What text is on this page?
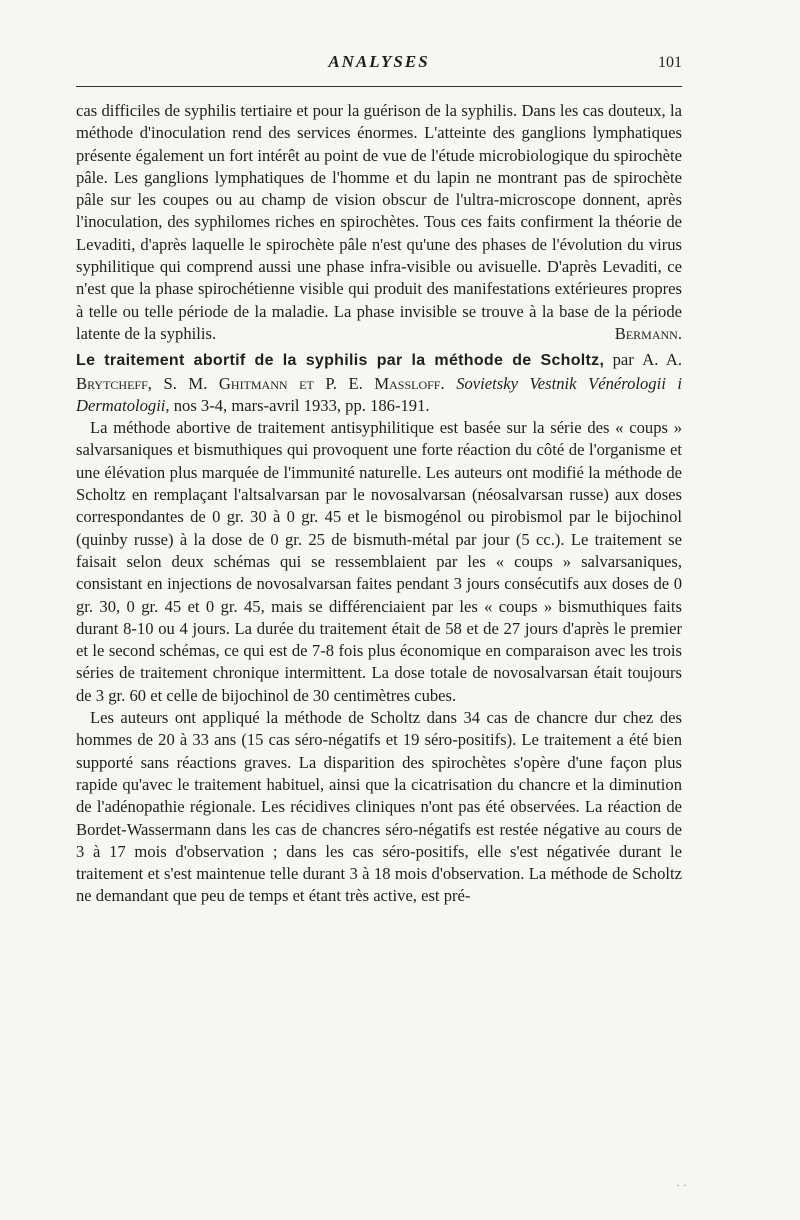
ANALYSES	101

cas difficiles de syphilis tertiaire et pour la guérison de la syphilis. Dans les cas douteux, la méthode d'inoculation rend des services énormes. L'atteinte des ganglions lymphatiques présente également un fort intérêt au point de vue de l'étude microbiologique du spirochète pâle. Les ganglions lymphatiques de l'homme et du lapin ne montrant pas de spirochète pâle sur les coupes ou au champ de vision obscur de l'ultra-microscope donnent, après l'inoculation, des syphilomes riches en spirochètes. Tous ces faits confirment la théorie de Levaditi, d'après laquelle le spirochète pâle n'est qu'une des phases de l'évolution du virus syphilitique qui comprend aussi une phase infra-visible ou avisuelle. D'après Levaditi, ce n'est que la phase spirochétienne visible qui produit des manifestations extérieures propres à telle ou telle période de la maladie. La phase invisible se trouve à la base de la période latente de la syphilis.	Bermann.

Le traitement abortif de la syphilis par la méthode de Scholtz, par A. A. Brytcheff, S. M. Ghitmann et P. E. Massloff. Sovietsky Vestnik Vénérologii i Dermatologii, nos 3-4, mars-avril 1933, pp. 186-191.

La méthode abortive de traitement antisyphilitique est basée sur la série des « coups » salvarsaniques et bismuthiques qui provoquent une forte réaction du côté de l'organisme et une élévation plus marquée de l'immunité naturelle. Les auteurs ont modifié la méthode de Scholtz en remplaçant l'altsalvarsan par le novosalvarsan (néosalvarsan russe) aux doses correspondantes de 0 gr. 30 à 0 gr. 45 et le bismogénol ou pirobismol par le bijochinol (quinby russe) à la dose de 0 gr. 25 de bismuth-métal par jour (5 cc.). Le traitement se faisait selon deux schémas qui se ressemblaient par les « coups » salvarsaniques, consistant en injections de novosalvarsan faites pendant 3 jours consécutifs aux doses de 0 gr. 30, 0 gr. 45 et 0 gr. 45, mais se différenciaient par les « coups » bismuthiques faits durant 8-10 ou 4 jours. La durée du traitement était de 58 et de 27 jours d'après le premier et le second schémas, ce qui est de 7-8 fois plus économique en comparaison avec les trois séries de traitement chronique intermittent. La dose totale de novosalvarsan était toujours de 3 gr. 60 et celle de bijochinol de 30 centimètres cubes.

Les auteurs ont appliqué la méthode de Scholtz dans 34 cas de chancre dur chez des hommes de 20 à 33 ans (15 cas séro-négatifs et 19 séro-positifs). Le traitement a été bien supporté sans réactions graves. La disparition des spirochètes s'opère d'une façon plus rapide qu'avec le traitement habituel, ainsi que la cicatrisation du chancre et la diminution de l'adénopathie régionale. Les récidives cliniques n'ont pas été observées. La réaction de Bordet-Wassermann dans les cas de chancres séro-négatifs est restée négative au cours de 3 à 17 mois d'observation ; dans les cas séro-positifs, elle s'est négativée durant le traitement et s'est maintenue telle durant 3 à 18 mois d'observation. La méthode de Scholtz ne demandant que peu de temps et étant très active, est pré-

· ·
